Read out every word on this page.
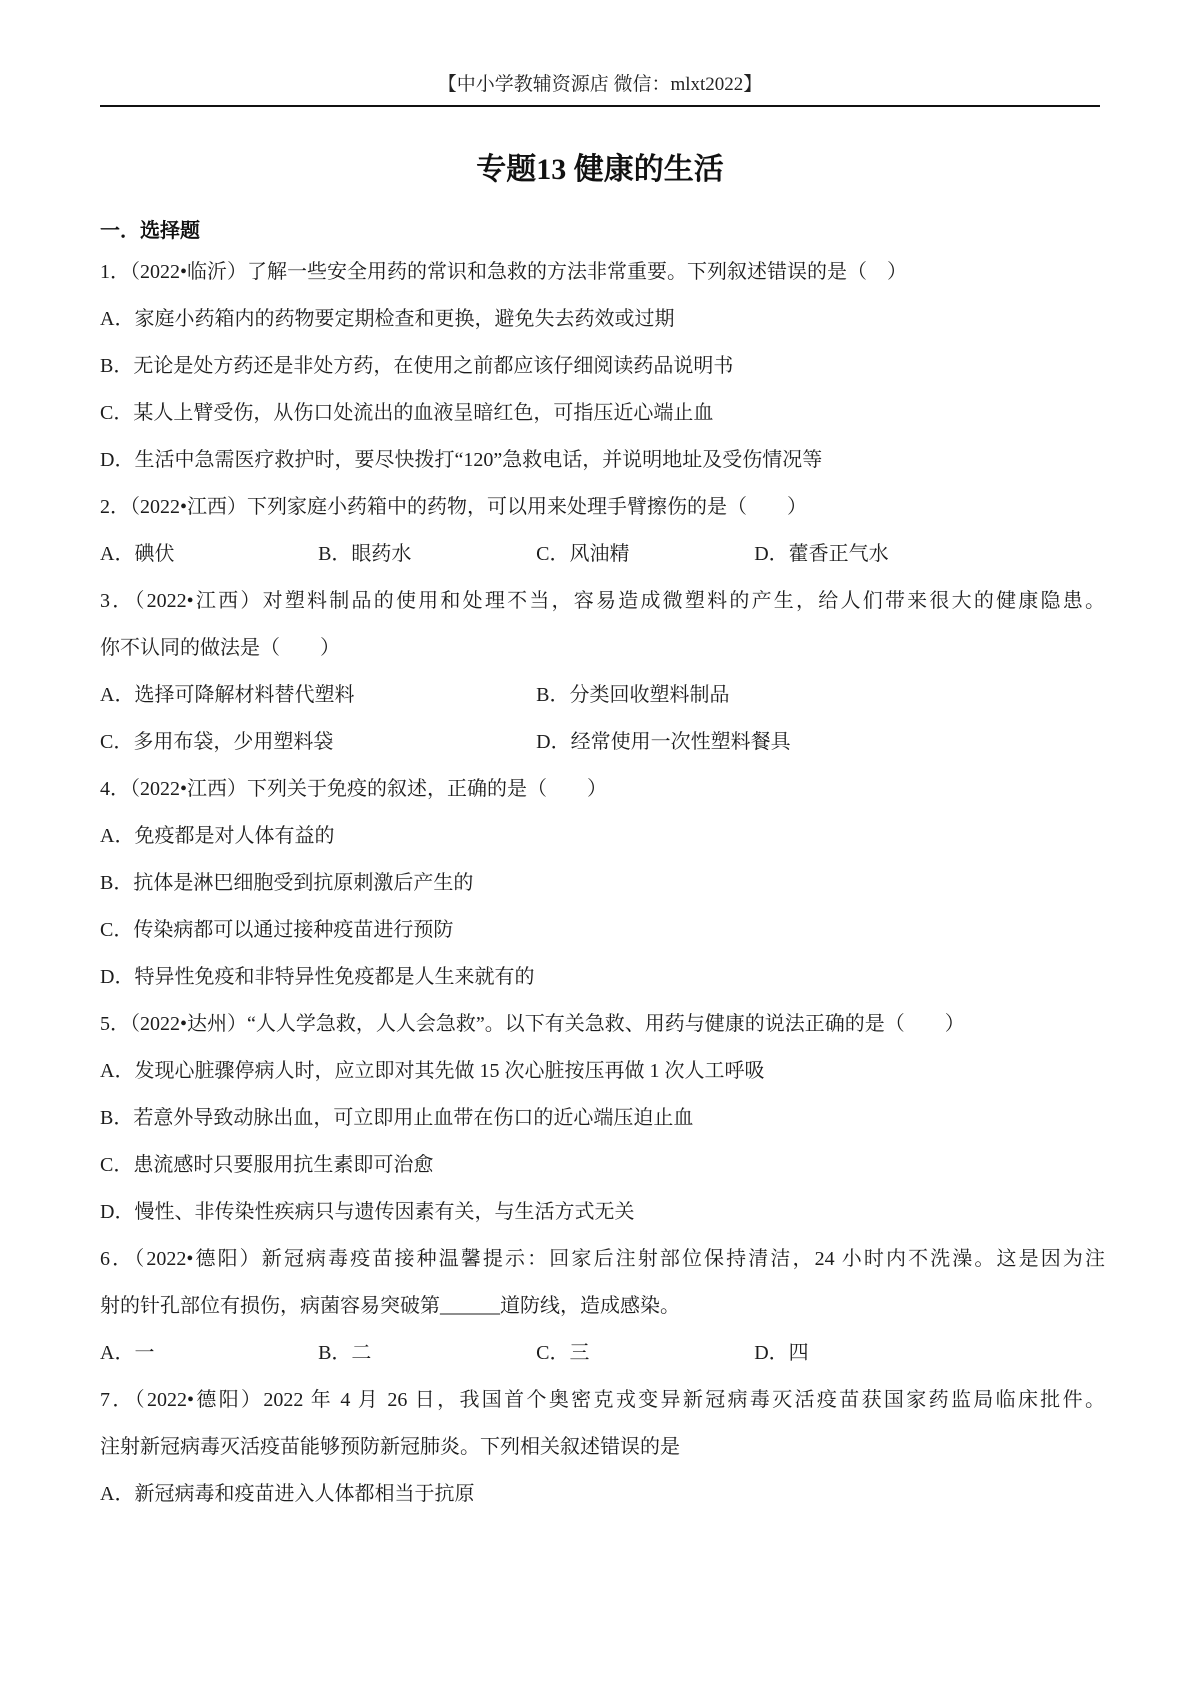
【中小学教辅资源店 微信：mlxt2022】
专题13 健康的生活
一．选择题
1．（2022•临沂）了解一些安全用药的常识和急救的方法非常重要。下列叙述错误的是（　）
A．家庭小药箱内的药物要定期检查和更换，避免失去药效或过期
B．无论是处方药还是非处方药，在使用之前都应该仔细阅读药品说明书
C．某人上臂受伤，从伤口处流出的血液呈暗红色，可指压近心端止血
D．生活中急需医疗救护时，要尽快拨打“120”急救电话，并说明地址及受伤情况等
2．（2022•江西）下列家庭小药箱中的药物，可以用来处理手臂擦伤的是（　　）
A．碘伏	B．眼药水	C．风油精	D．藿香正气水
3．（2022•江西）对塑料制品的使用和处理不当，容易造成微塑料的产生，给人们带来很大的健康隐患。
你不认同的做法是（　　）
A．选择可降解材料替代塑料	B．分类回收塑料制品
C．多用布袋，少用塑料袋	D．经常使用一次性塑料餐具
4．（2022•江西）下列关于免疫的叙述，正确的是（　　）
A．免疫都是对人体有益的
B．抗体是淋巴细胞受到抗原刺激后产生的
C．传染病都可以通过接种疫苗进行预防
D．特异性免疫和非特异性免疫都是人生来就有的
5．（2022•达州）“人人学急救，人人会急救”。以下有关急救、用药与健康的说法正确的是（　　）
A．发现心脏骤停病人时，应立即对其先做 15 次心脏按压再做 1 次人工呼吸
B．若意外导致动脉出血，可立即用止血带在伤口的近心端压迫止血
C．患流感时只要服用抗生素即可治愈
D．慢性、非传染性疾病只与遗传因素有关，与生活方式无关
6．（2022•德阳）新冠病毒疫苗接种温馨提示：回家后注射部位保持清洁，24 小时内不洗澡。这是因为注
射的针孔部位有损伤，病菌容易突破第______道防线，造成感染。
A．一	B．二	C．三	D．四
7．（2022•德阳）2022 年 4 月 26 日，我国首个奥密克戎变异新冠病毒灭活疫苗获国家药监局临床批件。
注射新冠病毒灭活疫苗能够预防新冠肺炎。下列相关叙述错误的是
A．新冠病毒和疫苗进入人体都相当于抗原
